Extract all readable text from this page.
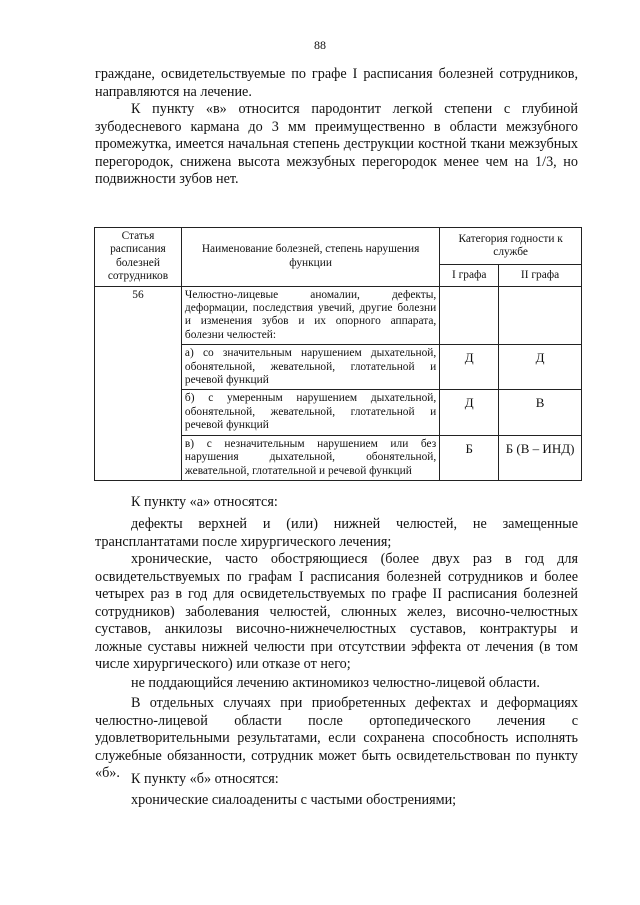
88

граждане, освидетельствуемые по графе I расписания болезней сотрудников, направляются на лечение.

К пункту «в» относится пародонтит легкой степени с глубиной зубодесневого кармана до 3 мм преимущественно в области межзубного промежутка, имеется начальная степень деструкции костной ткани межзубных перегородок, снижена высота межзубных перегородок менее чем на 1/3, но подвижности зубов нет.

Статья расписания болезней сотрудников	Наименование болезней, степень нарушения функции	Категория годности к службе	
		I графа	II графа
56	Челюстно-лицевые аномалии, дефекты, деформации, последствия увечий, другие болезни и изменения зубов и их опорного аппарата, болезни челюстей:		
	а) со значительным нарушением дыхательной, обонятельной, жевательной, глотательной и речевой функций	Д	Д
	б) с умеренным нарушением дыхательной, обонятельной, жевательной, глотательной и речевой функций	Д	В
	в) с незначительным нарушением или без нарушения дыхательной, обонятельной, жевательной, глотательной и речевой функций	Б	Б (В – ИНД)

К пункту «а» относятся:

дефекты верхней и (или) нижней челюстей, не замещенные трансплантатами после хирургического лечения;

хронические, часто обостряющиеся (более двух раз в год для освидетельствуемых по графам I расписания болезней сотрудников и более четырех раз в год для освидетельствуемых по графе II расписания болезней сотрудников) заболевания челюстей, слюнных желез, височно-челюстных суставов, анкилозы височно-нижнечелюстных суставов, контрактуры и ложные суставы нижней челюсти при отсутствии эффекта от лечения (в том числе хирургического) или отказе от него;

не поддающийся лечению актиномикоз челюстно-лицевой области.

В отдельных случаях при приобретенных дефектах и деформациях челюстно-лицевой области после ортопедического лечения с удовлетворительными результатами, если сохранена способность исполнять служебные обязанности, сотрудник может быть освидетельствован по пункту «б». К пункту «б» относятся:

хронические сиалоадениты с частыми обострениями;
